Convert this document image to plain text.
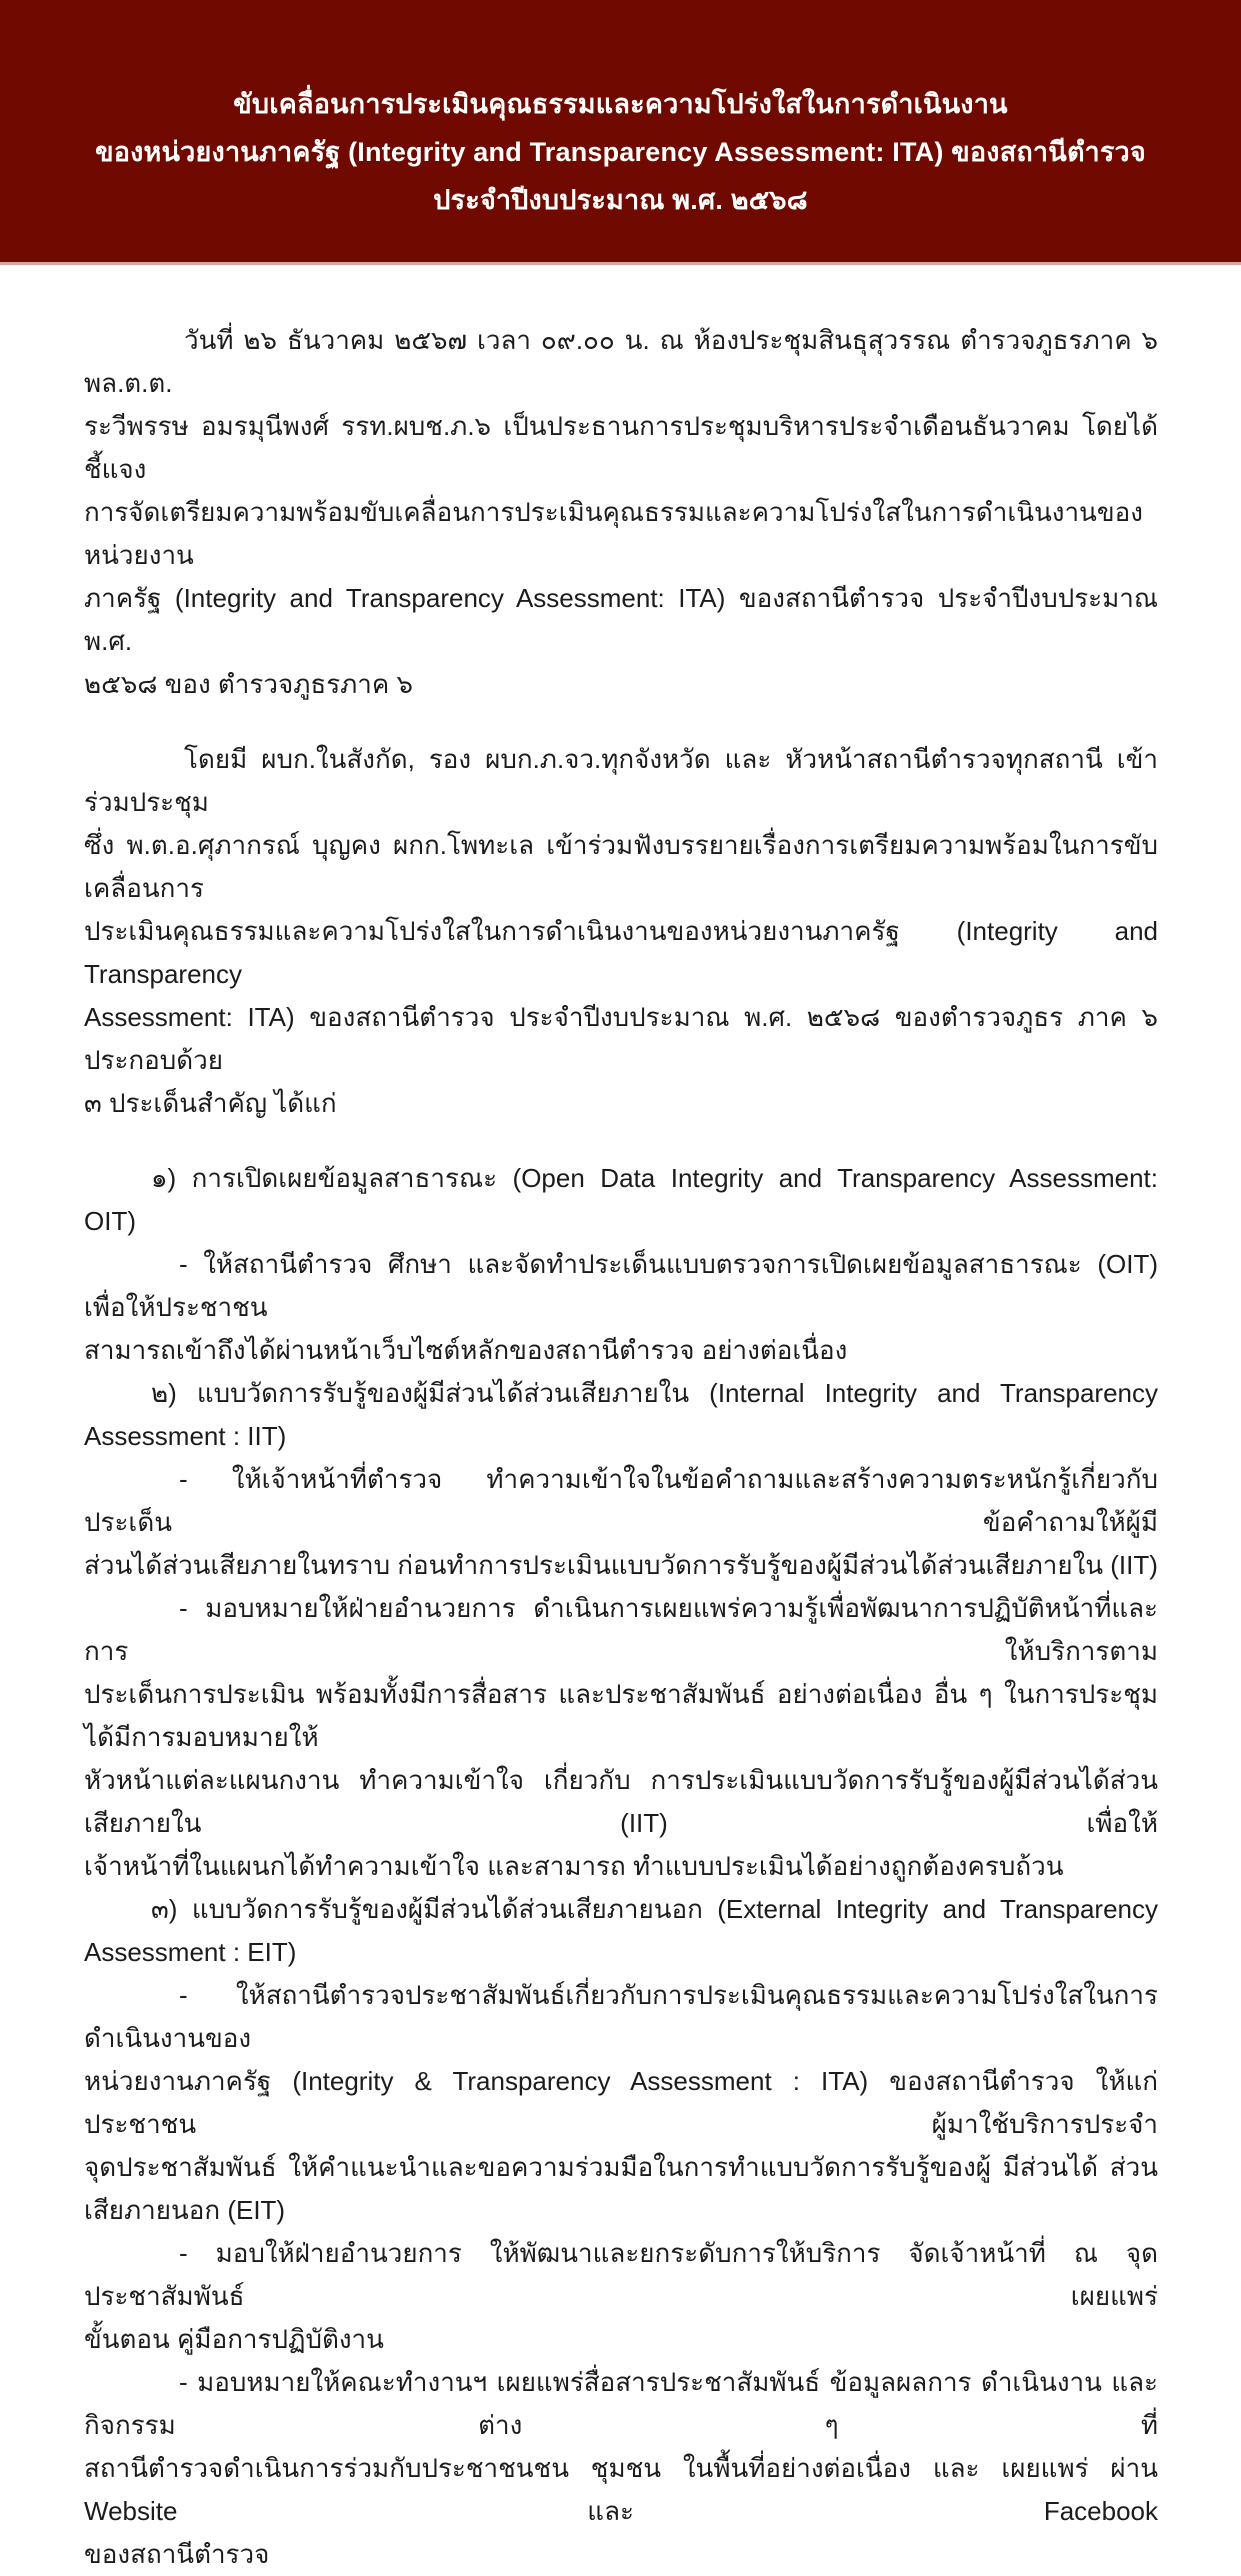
ขับเคลื่อนการประเมินคุณธรรมและความโปร่งใสในการดำเนินงาน
ของหน่วยงานภาครัฐ (Integrity and Transparency Assessment: ITA) ของสถานีตำรวจ
ประจำปีงบประมาณ พ.ศ. ๒๕๖๘
วันที่ ๒๖ ธันวาคม ๒๕๖๗ เวลา ๐๙.๐๐ น. ณ ห้องประชุมสินธุสุวรรณ ตำรวจภูธรภาค ๖ พล.ต.ต.
ระวีพรรษ อมรมุนีพงศ์ รรท.ผบช.ภ.๖ เป็นประธานการประชุมบริหารประจำเดือนธันวาคม โดยได้ชี้แจง
การจัดเตรียมความพร้อมขับเคลื่อนการประเมินคุณธรรมและความโปร่งใสในการดำเนินงานของหน่วยงาน
ภาครัฐ (Integrity and Transparency Assessment: ITA) ของสถานีตำรวจ ประจำปีงบประมาณ พ.ศ.
๒๕๖๘ ของ ตำรวจภูธรภาค ๖
โดยมี ผบก.ในสังกัด, รอง ผบก.ภ.จว.ทุกจังหวัด และ หัวหน้าสถานีตำรวจทุกสถานี เข้าร่วมประชุม
ซึ่ง พ.ต.อ.ศุภากรณ์ บุญคง ผกก.โพทะเล เข้าร่วมฟังบรรยายเรื่องการเตรียมความพร้อมในการขับเคลื่อนการ
ประเมินคุณธรรมและความโปร่งใสในการดำเนินงานของหน่วยงานภาครัฐ (Integrity and Transparency
Assessment: ITA) ของสถานีตำรวจ ประจำปีงบประมาณ พ.ศ. ๒๕๖๘ ของตำรวจภูธร ภาค ๖ ประกอบด้วย
๓ ประเด็นสำคัญ ได้แก่
๑) การเปิดเผยข้อมูลสาธารณะ (Open Data Integrity and Transparency Assessment: OIT)
- ให้สถานีตำรวจ ศึกษา และจัดทำประเด็นแบบตรวจการเปิดเผยข้อมูลสาธารณะ (OIT) เพื่อให้ประชาชน
สามารถเข้าถึงได้ผ่านหน้าเว็บไซต์หลักของสถานีตำรวจ อย่างต่อเนื่อง
๒) แบบวัดการรับรู้ของผู้มีส่วนได้ส่วนเสียภายใน (Internal Integrity and Transparency Assessment : IIT)
- ให้เจ้าหน้าที่ตำรวจ ทำความเข้าใจในข้อคำถามและสร้างความตระหนักรู้เกี่ยวกับ ประเด็น ข้อคำถามให้ผู้มี
ส่วนได้ส่วนเสียภายในทราบ ก่อนทำการประเมินแบบวัดการรับรู้ของผู้มีส่วนได้ส่วนเสียภายใน (IIT)
- มอบหมายให้ฝ่ายอำนวยการ ดำเนินการเผยแพร่ความรู้เพื่อพัฒนาการปฏิบัติหน้าที่และการ ให้บริการตาม
ประเด็นการประเมิน พร้อมทั้งมีการสื่อสาร และประชาสัมพันธ์ อย่างต่อเนื่อง อื่น ๆ ในการประชุมได้มีการมอบหมายให้
หัวหน้าแต่ละแผนกงาน ทำความเข้าใจ เกี่ยวกับ การประเมินแบบวัดการรับรู้ของผู้มีส่วนได้ส่วนเสียภายใน (IIT) เพื่อให้
เจ้าหน้าที่ในแผนกได้ทำความเข้าใจ และสามารถ ทำแบบประเมินได้อย่างถูกต้องครบถ้วน
๓) แบบวัดการรับรู้ของผู้มีส่วนได้ส่วนเสียภายนอก (External Integrity and Transparency Assessment : EIT)
- ให้สถานีตำรวจประชาสัมพันธ์เกี่ยวกับการประเมินคุณธรรมและความโปร่งใสในการ ดำเนินงานของ
หน่วยงานภาครัฐ (Integrity & Transparency Assessment : ITA) ของสถานีตำรวจ ให้แก่ ประชาชน ผู้มาใช้บริการประจำ
จุดประชาสัมพันธ์ ให้คำแนะนำและขอความร่วมมือในการทำแบบวัดการรับรู้ของผู้ มีส่วนได้ ส่วน เสียภายนอก (EIT)
- มอบให้ฝ่ายอำนวยการ ให้พัฒนาและยกระดับการให้บริการ จัดเจ้าหน้าที่ ณ จุด ประชาสัมพันธ์ เผยแพร่
ขั้นตอน คู่มือการปฏิบัติงาน
- มอบหมายให้คณะทำงานฯ เผยแพร่สื่อสารประชาสัมพันธ์ ข้อมูลผลการ ดำเนินงาน และกิจกรรม ต่าง ๆ ที่
สถานีตำรวจดำเนินการร่วมกับประชาชนชน ชุมชน ในพื้นที่อย่างต่อเนื่อง และ เผยแพร่ ผ่าน Website และ Facebook
ของสถานีตำรวจ
